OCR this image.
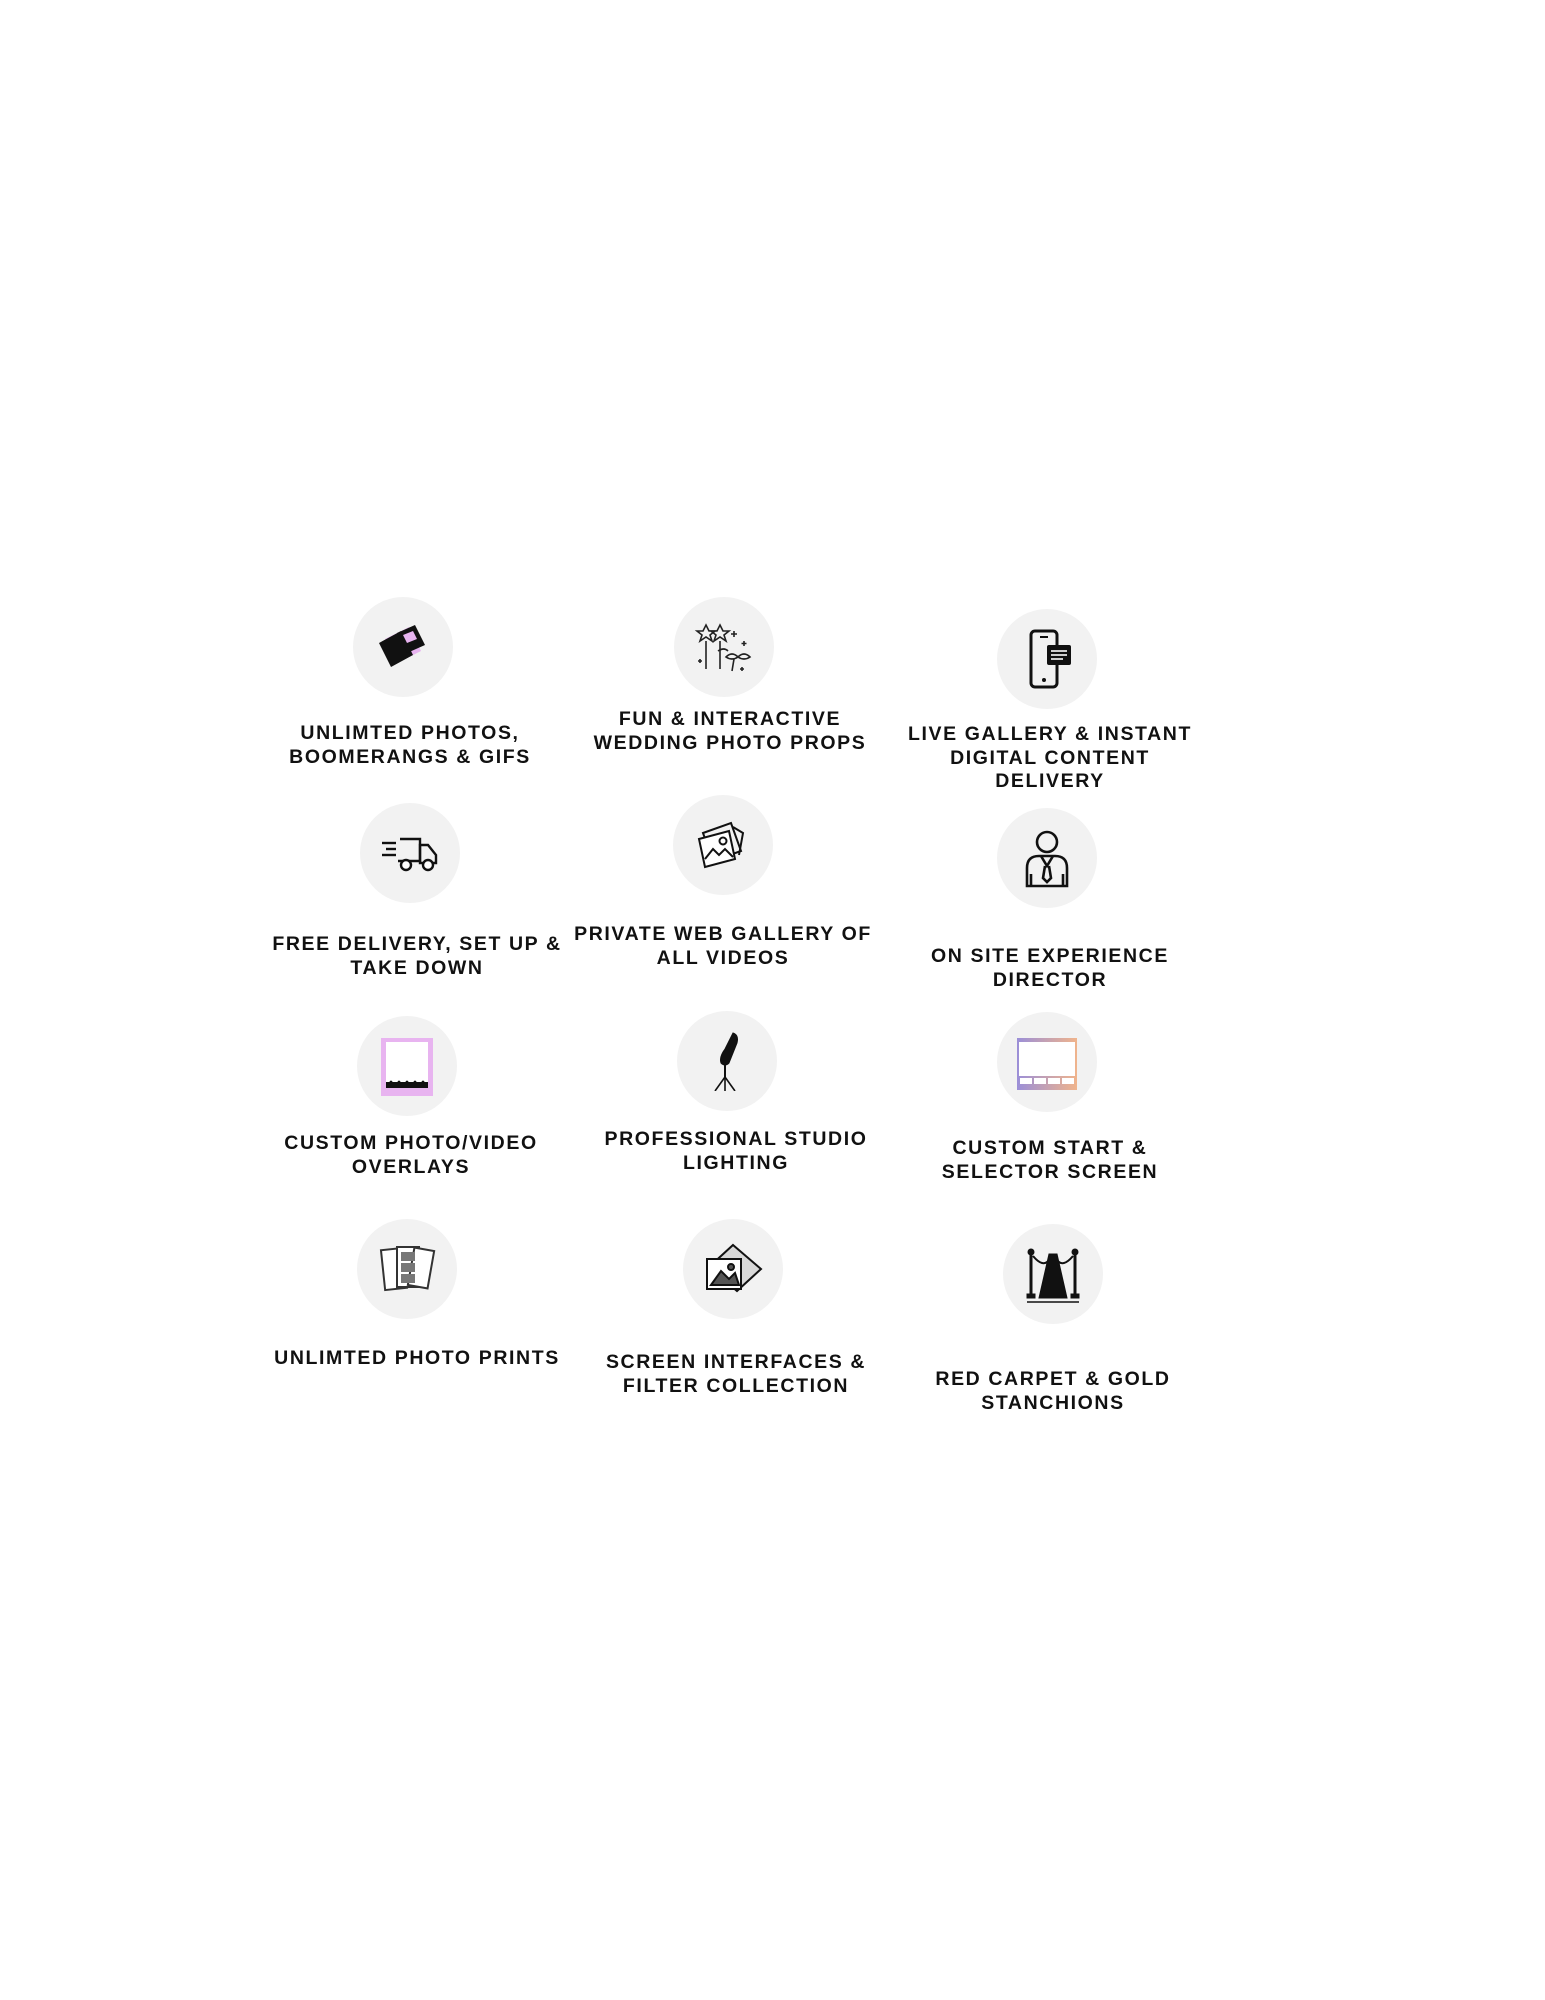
UNLIMTED PHOTOS, BOOMERANGS & GIFS
FUN & INTERACTIVE WEDDING PHOTO PROPS	LIVE GALLERY & INSTANT DIGITAL CONTENT DELIVERY
FREE DELIVERY, SET UP & TAKE DOWN
PRIVATE WEB GALLERY OF ALL VIDEOS	ON SITE EXPERIENCE DIRECTOR
CUSTOM PHOTO/VIDEO OVERLAYS
PROFESSIONAL STUDIO LIGHTING
CUSTOM START & SELECTOR SCREEN
UNLIMTED PHOTO PRINTS	SCREEN INTERFACES & FILTER COLLECTION	RED CARPET & GOLD STANCHIONS
